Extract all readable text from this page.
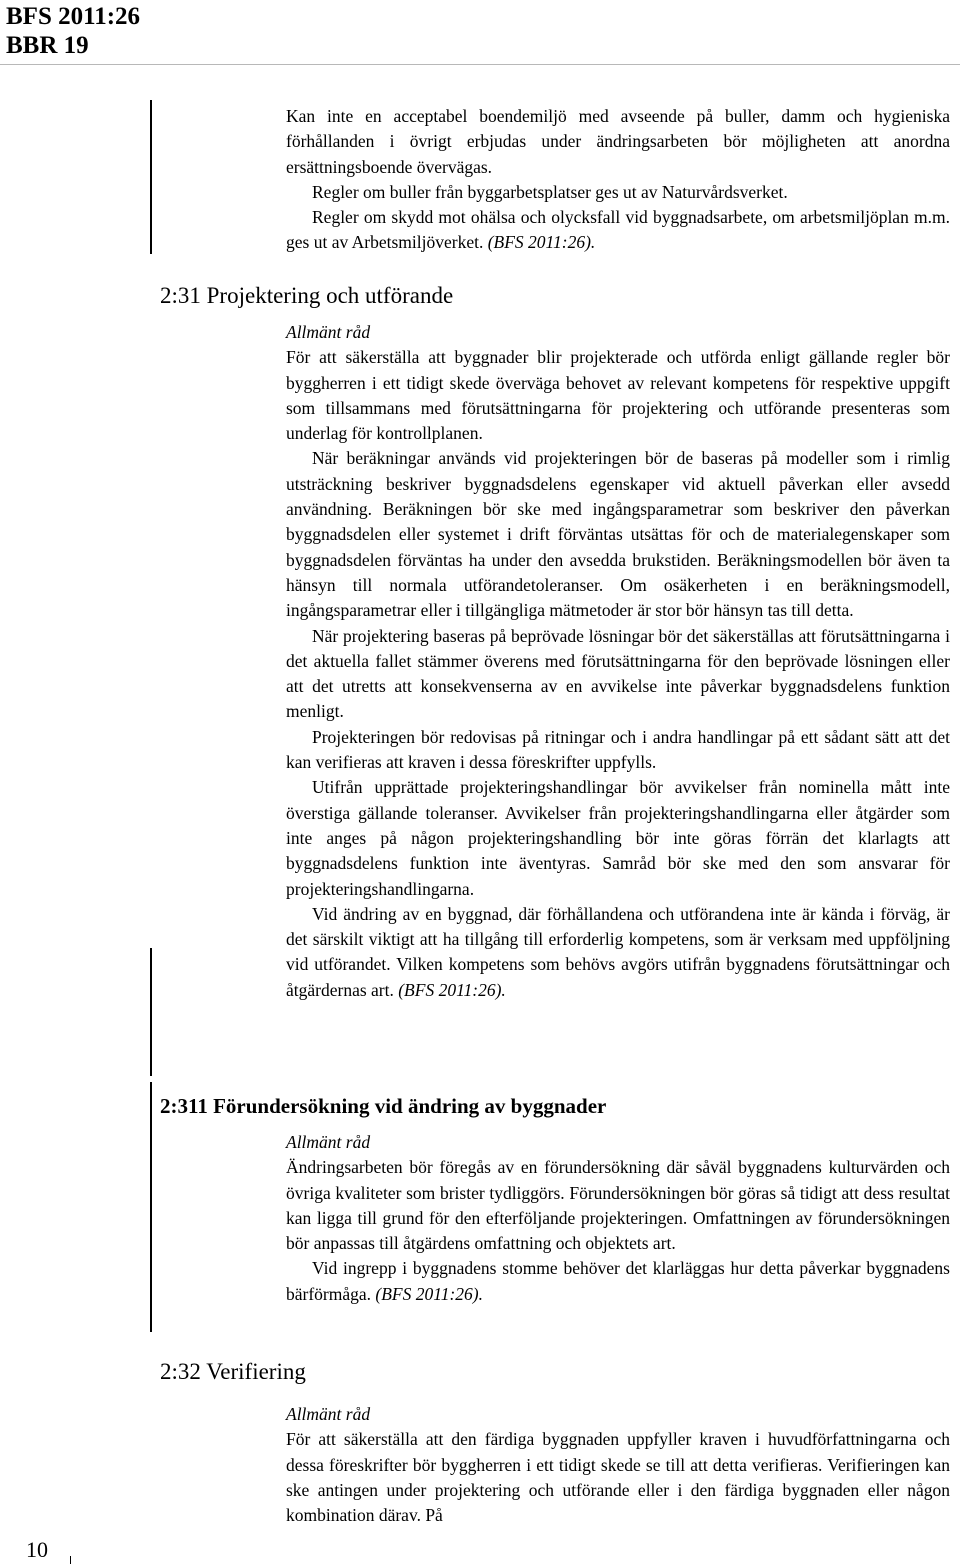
BFS 2011:26
BBR 19

Kan inte en acceptabel boendemiljö med avseende på buller, damm och hygieniska förhållanden i övrigt erbjudas under ändringsarbeten bör möjligheten att anordna ersättningsboende övervägas.

Regler om buller från byggarbetsplatser ges ut av Naturvårdsverket.

Regler om skydd mot ohälsa och olycksfall vid byggnadsarbete, om arbetsmiljöplan m.m. ges ut av Arbetsmiljöverket. (BFS 2011:26).

2:31 Projektering och utförande

Allmänt råd

För att säkerställa att byggnader blir projekterade och utförda enligt gällande regler bör byggherren i ett tidigt skede överväga behovet av relevant kompetens för respektive uppgift som tillsammans med förutsättningarna för projektering och utförande presenteras som underlag för kontrollplanen.

När beräkningar används vid projekteringen bör de baseras på modeller som i rimlig utsträckning beskriver byggnadsdelens egenskaper vid aktuell påverkan eller avsedd användning. Beräkningen bör ske med ingångsparametrar som beskriver den påverkan byggnadsdelen eller systemet i drift förväntas utsättas för och de materialegenskaper som byggnadsdelen förväntas ha under den avsedda brukstiden. Beräkningsmodellen bör även ta hänsyn till normala utförandetoleranser. Om osäkerheten i en beräkningsmodell, ingångsparametrar eller i tillgängliga mätmetoder är stor bör hänsyn tas till detta.

När projektering baseras på beprövade lösningar bör det säkerställas att förutsättningarna i det aktuella fallet stämmer överens med förutsättningarna för den beprövade lösningen eller att det utretts att konsekvenserna av en avvikelse inte påverkar byggnadsdelens funktion menligt.

Projekteringen bör redovisas på ritningar och i andra handlingar på ett sådant sätt att det kan verifieras att kraven i dessa föreskrifter uppfylls.

Utifrån upprättade projekteringshandlingar bör avvikelser från nominella mått inte överstiga gällande toleranser. Avvikelser från projekteringshandlingarna eller åtgärder som inte anges på någon projekteringshandling bör inte göras förrän det klarlagts att byggnadsdelens funktion inte äventyras. Samråd bör ske med den som ansvarar för projekteringshandlingarna.

Vid ändring av en byggnad, där förhållandena och utförandena inte är kända i förväg, är det särskilt viktigt att ha tillgång till erforderlig kompetens, som är verksam med uppföljning vid utförandet. Vilken kompetens som behövs avgörs utifrån byggnadens förutsättningar och åtgärdernas art. (BFS 2011:26).

2:311 Förundersökning vid ändring av byggnader

Allmänt råd

Ändringsarbeten bör föregås av en förundersökning där såväl byggnadens kulturvärden och övriga kvaliteter som brister tydliggörs. Förundersökningen bör göras så tidigt att dess resultat kan ligga till grund för den efterföljande projekteringen. Omfattningen av förundersökningen bör anpassas till åtgärdens omfattning och objektets art.

Vid ingrepp i byggnadens stomme behöver det klarläggas hur detta påverkar byggnadens bärförmåga. (BFS 2011:26).

2:32 Verifiering

Allmänt råd

För att säkerställa att den färdiga byggnaden uppfyller kraven i huvudförfattningarna och dessa föreskrifter bör byggherren i ett tidigt skede se till att detta verifieras. Verifieringen kan ske antingen under projektering och utförande eller i den färdiga byggnaden eller någon kombination därav. På

10
